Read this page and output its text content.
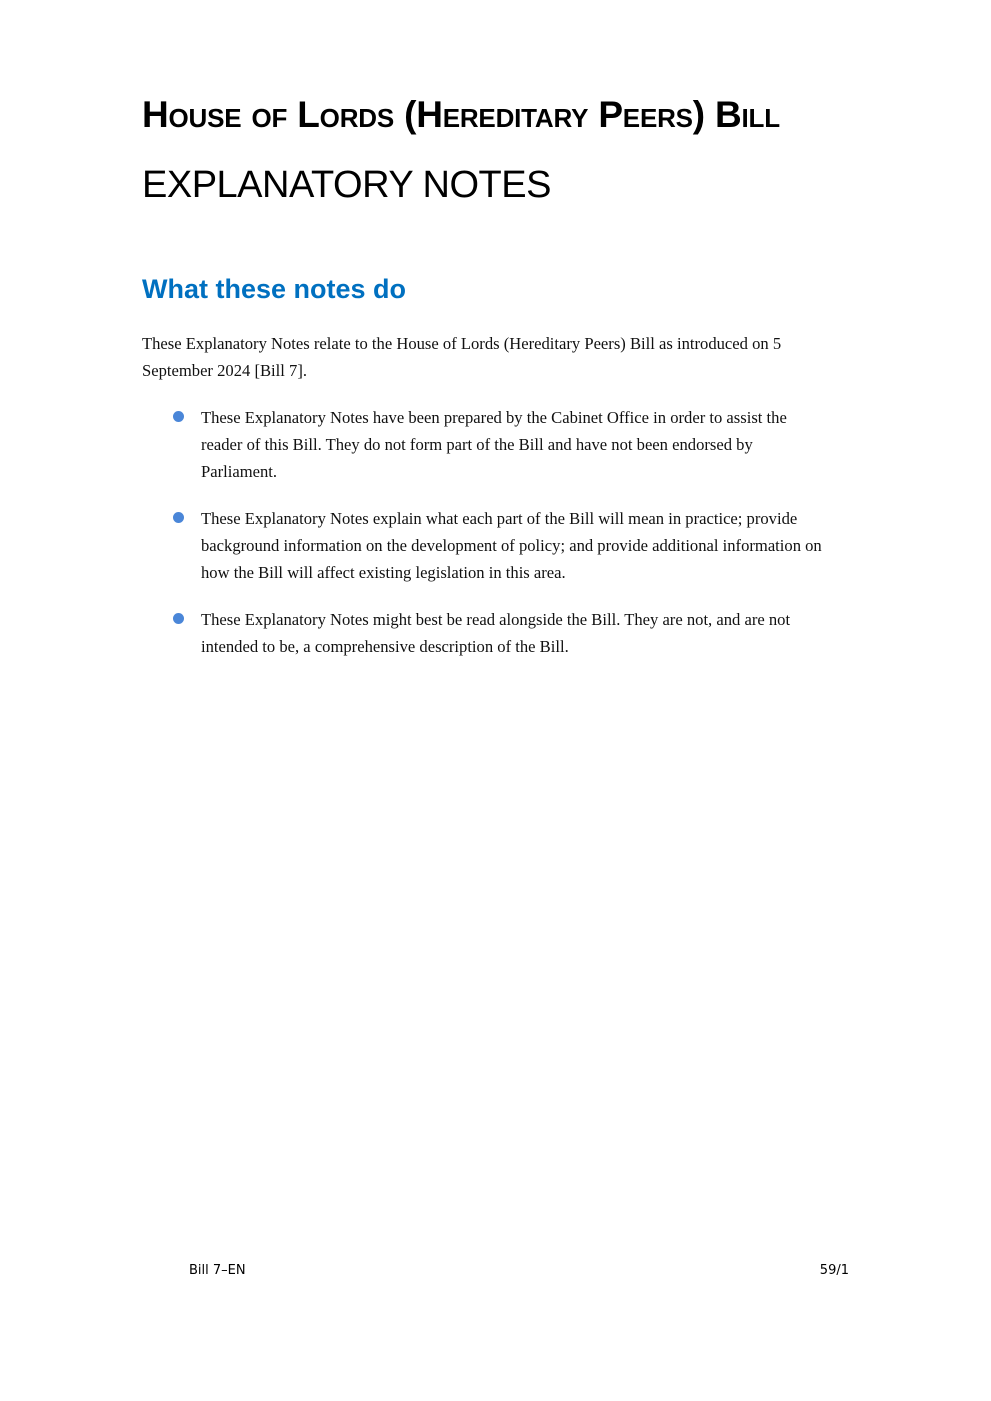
House of Lords (Hereditary Peers) Bill
EXPLANATORY NOTES
What these notes do
These Explanatory Notes relate to the House of Lords (Hereditary Peers) Bill as introduced on 5
September 2024 [Bill 7].
These Explanatory Notes have been prepared by the Cabinet Office in order to assist the
reader of this Bill. They do not form part of the Bill and have not been endorsed by
Parliament.
These Explanatory Notes explain what each part of the Bill will mean in practice; provide
background information on the development of policy; and provide additional information on
how the Bill will affect existing legislation in this area.
These Explanatory Notes might best be read alongside the Bill. They are not, and are not
intended to be, a comprehensive description of the Bill.
Bill 7–EN	59/1
